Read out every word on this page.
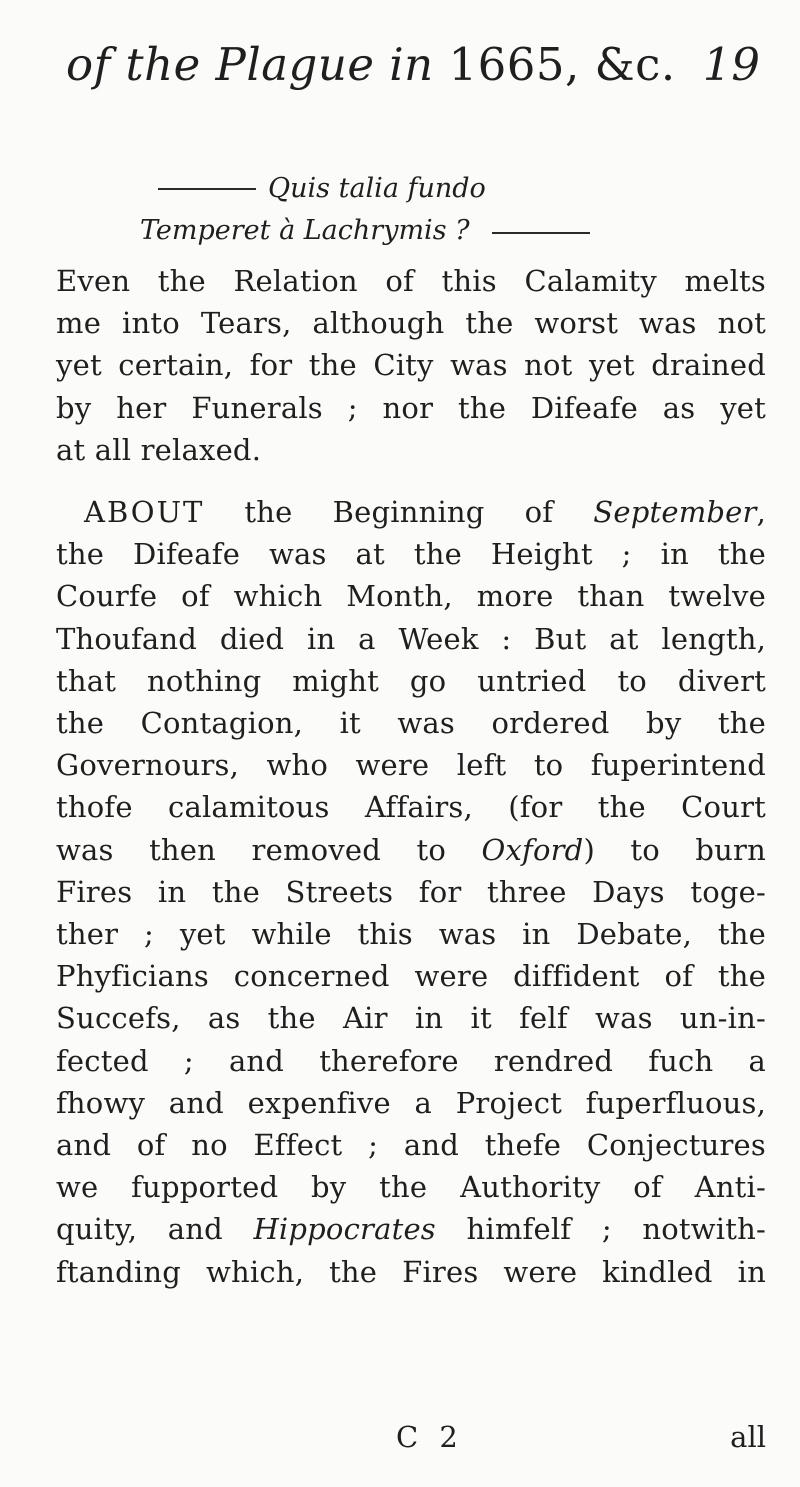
of the Plague in 1665, &c. 19
Quis talia fundo
Temperet à Lachrymis ?
Even the Relation of this Calamity melts
me into Tears, although the worst was not
yet certain, for the City was not yet drained
by her Funerals ; nor the Difeafe as yet
at all relaxed.
ABOUT the Beginning of September,
the Difeafe was at the Height ; in the
Courfe of which Month, more than twelve
Thoufand died in a Week : But at length,
that nothing might go untried to divert
the Contagion, it was ordered by the
Governours, who were left to fuperintend
thofe calamitous Affairs, (for the Court
was then removed to Oxford) to burn
Fires in the Streets for three Days toge-
ther ; yet while this was in Debate, the
Phyficians concerned were diffident of the
Succefs, as the Air in it felf was un-in-
fected ; and therefore rendred fuch a
fhowy and expenfive a Project fuperfluous,
and of no Effect ; and thefe Conjectures
we fupported by the Authority of Anti-
quity, and Hippocrates himfelf ; notwith-
ftanding which, the Fires were kindled in
C 2	all
